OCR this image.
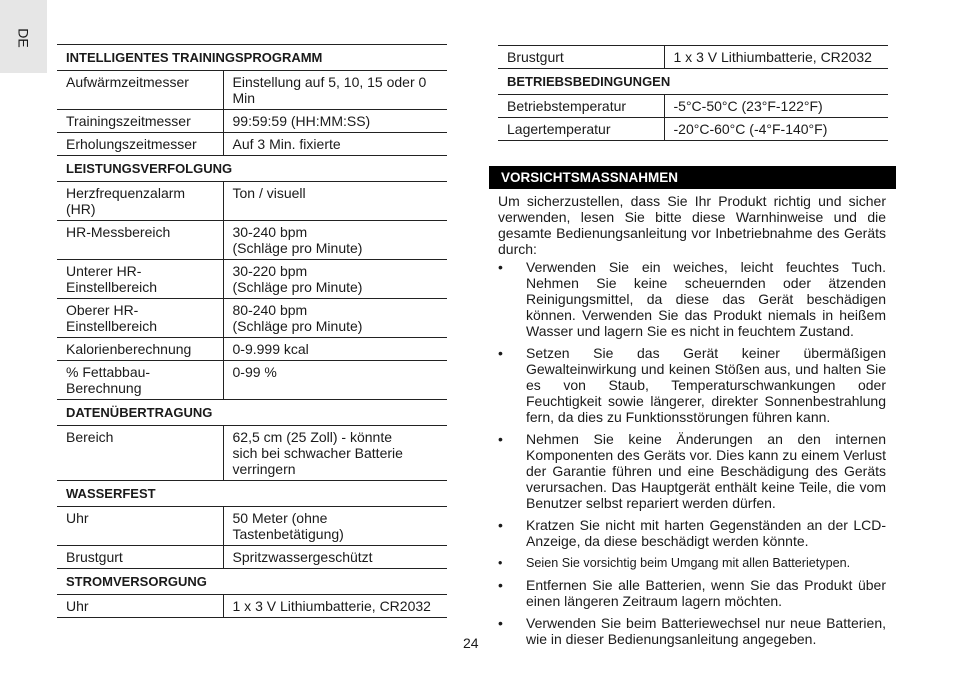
DE
INTELLIGENTES TRAININGSPROGRAMM	
Aufwärmzeitmesser	Einstellung auf 5, 10, 15 oder 0 Min
Trainingszeitmesser	99:59:59 (HH:MM:SS)
Erholungszeitmesser	Auf 3 Min. fixierte
LEISTUNGSVERFOLGUNG	
Herzfrequenzalarm (HR)	Ton / visuell
HR-Messbereich	30-240 bpm
(Schläge pro Minute)
Unterer HR-
Einstellbereich	30-220 bpm
(Schläge pro Minute)
Oberer HR-
Einstellbereich	80-240 bpm
(Schläge pro Minute)
Kalorienberechnung	0-9.999 kcal
% Fettabbau-
Berechnung	0-99 %
DATENÜBERTRAGUNG	
Bereich	62,5 cm (25 Zoll) - könnte
sich bei schwacher Batterie
verringern
WASSERFEST	
Uhr	50 Meter (ohne
Tastenbetätigung)
Brustgurt	Spritzwassergeschützt
STROMVERSORGUNG	
Uhr	1 x 3 V Lithiumbatterie, CR2032
Brustgurt	1 x 3 V Lithiumbatterie, CR2032
BETRIEBSBEDINGUNGEN	
Betriebstemperatur	-5°C-50°C (23°F-122°F)
Lagertemperatur	-20°C-60°C (-4°F-140°F)
VORSICHTSMASSNAHMEN

Um sicherzustellen, dass Sie Ihr Produkt richtig und sicher verwenden, lesen Sie bitte diese Warnhinweise und die gesamte Bedienungsanleitung vor Inbetriebnahme des Geräts durch:

•	Verwenden Sie ein weiches, leicht feuchtes Tuch. Nehmen Sie keine scheuernden oder ätzenden Reinigungsmittel, da diese das Gerät beschädigen können. Verwenden Sie das Produkt niemals in heißem Wasser und lagern Sie es nicht in feuchtem Zustand.
•	Setzen Sie das Gerät keiner übermäßigen Gewalteinwirkung und keinen Stößen aus, und halten Sie es von Staub, Temperaturschwankungen oder Feuchtigkeit sowie längerer, direkter Sonnenbestrahlung fern, da dies zu Funktionsstörungen führen kann.
•	Nehmen Sie keine Änderungen an den internen Komponenten des Geräts vor. Dies kann zu einem Verlust der Garantie führen und eine Beschädigung des Geräts verursachen. Das Hauptgerät enthält keine Teile, die vom Benutzer selbst repariert werden dürfen.
•	Kratzen Sie nicht mit harten Gegenständen an der LCD-Anzeige, da diese beschädigt werden könnte.
•	Seien Sie vorsichtig beim Umgang mit allen Batterietypen.
•	Entfernen Sie alle Batterien, wenn Sie das Produkt über einen längeren Zeitraum lagern möchten.
•	Verwenden Sie beim Batteriewechsel nur neue Batterien, wie in dieser Bedienungsanleitung angegeben.
24
